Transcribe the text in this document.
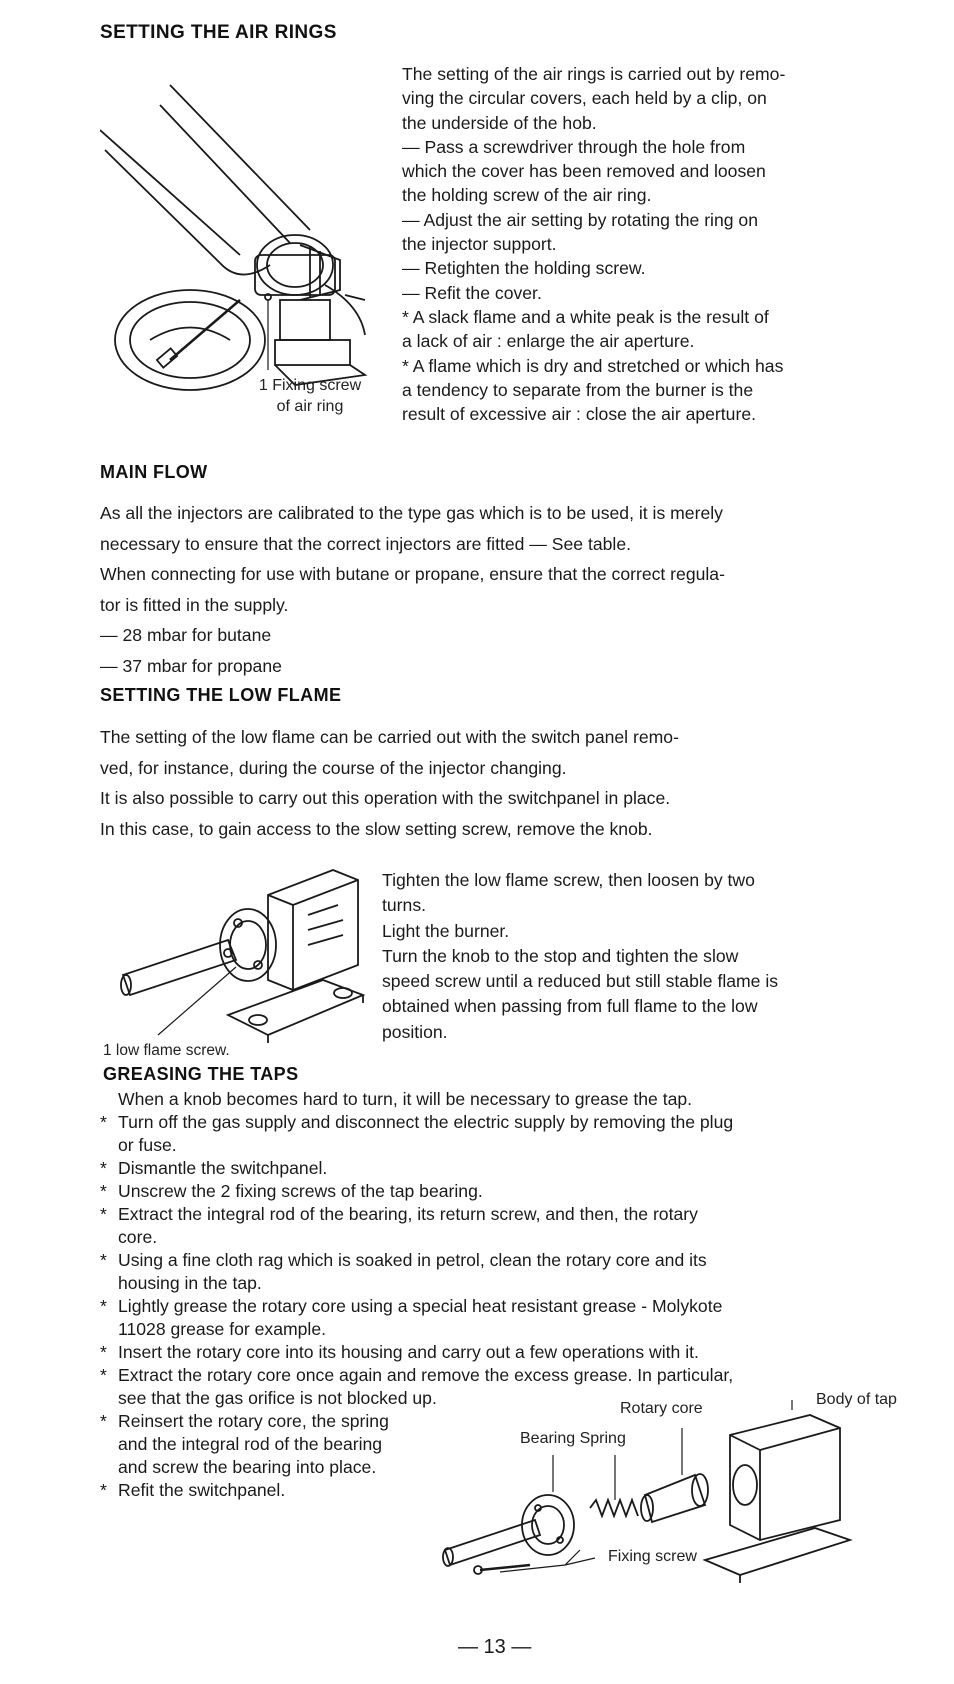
SETTING THE AIR RINGS
1 Fixing screw
of air ring
The setting of the air rings is carried out by remo-
ving the circular covers, each held by a clip, on
the underside of the hob.
— Pass a screwdriver through the hole from
which the cover has been removed and loosen
the holding screw of the air ring.
— Adjust the air setting by rotating the ring on
the injector support.
— Retighten the holding screw.
— Refit the cover.
* A slack flame and a white peak is the result of
a lack of air : enlarge the air aperture.
* A flame which is dry and stretched or which has
a tendency to separate from the burner is the
result of excessive air : close the air aperture.
MAIN FLOW
As all the injectors are calibrated to the type gas which is to be used, it is merely
necessary to ensure that the correct injectors are fitted — See table.
When connecting for use with butane or propane, ensure that the correct regula-
tor is fitted in the supply.
— 28 mbar for butane
— 37 mbar for propane
SETTING THE LOW FLAME
The setting of the low flame can be carried out with the switch panel remo-
ved, for instance, during the course of the injector changing.
It is also possible to carry out this operation with the switchpanel in place.
In this case, to gain access to the slow setting screw, remove the knob.
1 low flame screw.
Tighten the low flame screw, then loosen by two
turns.
Light the burner.
Turn the knob to the stop and tighten the slow
speed screw until a reduced but still stable flame is
obtained when passing from full flame to the low
position.
GREASING THE TAPS
When a knob becomes hard to turn, it will be necessary to grease the tap.
* Turn off the gas supply and disconnect the electric supply by removing the plug
or fuse.
* Dismantle the switchpanel.
* Unscrew the 2 fixing screws of the tap bearing.
* Extract the integral rod of the bearing, its return screw, and then, the rotary
core.
* Using a fine cloth rag which is soaked in petrol, clean the rotary core and its
housing in the tap.
* Lightly grease the rotary core using a special heat resistant grease - Molykote
11028 grease for example.
* Insert the rotary core into its housing and carry out a few operations with it.
* Extract the rotary core once again and remove the excess grease. In particular,
see that the gas orifice is not blocked up.
* Reinsert the rotary core, the spring
and the integral rod of the bearing
and screw the bearing into place.
* Refit the switchpanel.
Body of tap
Rotary core
Bearing Spring
Fixing screw
— 13 —
